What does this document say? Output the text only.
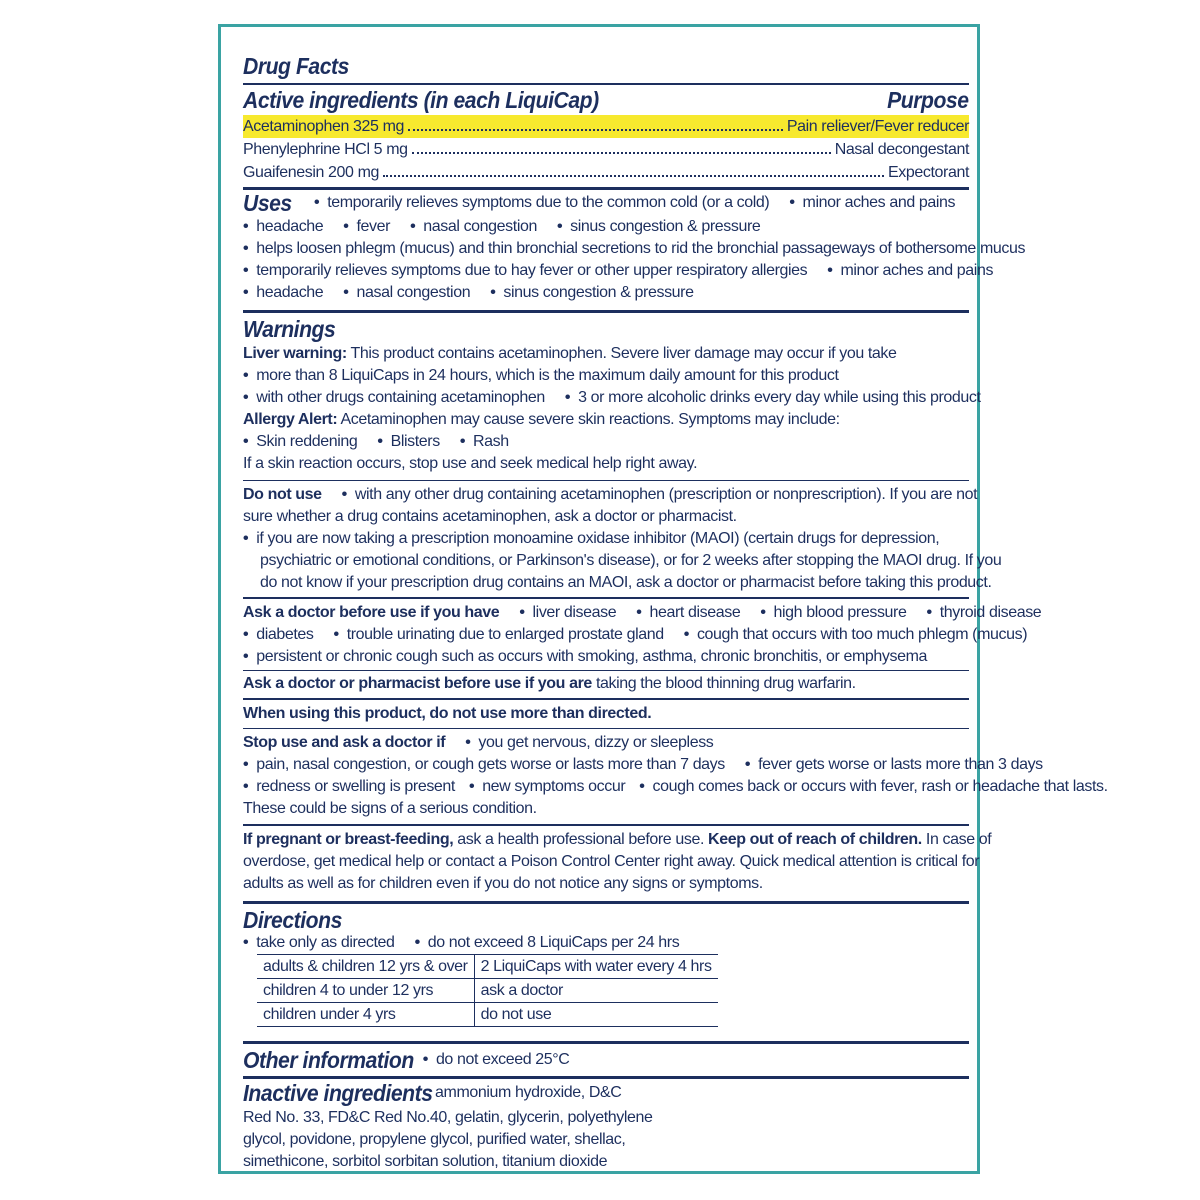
Drug Facts
Active ingredients (in each LiquiCap)	Purpose
Acetaminophen 325 mg	Pain reliever/Fever reducer
Phenylephrine HCl 5 mg	Nasal decongestant
Guaifenesin 200 mg	Expectorant
Uses	• temporarily relieves symptoms due to the common cold (or a cold)	• minor aches and pains
• headache	• fever	• nasal congestion	• sinus congestion & pressure
• helps loosen phlegm (mucus) and thin bronchial secretions to rid the bronchial passageways of bothersome mucus
• temporarily relieves symptoms due to hay fever or other upper respiratory allergies	• minor aches and pains
• headache	• nasal congestion	• sinus congestion & pressure
Warnings
Liver warning: This product contains acetaminophen. Severe liver damage may occur if you take
• more than 8 LiquiCaps in 24 hours, which is the maximum daily amount for this product
• with other drugs containing acetaminophen	• 3 or more alcoholic drinks every day while using this product
Allergy Alert: Acetaminophen may cause severe skin reactions. Symptoms may include:
• Skin reddening	• Blisters	• Rash
If a skin reaction occurs, stop use and seek medical help right away.
Do not use	• with any other drug containing acetaminophen (prescription or nonprescription). If you are not
sure whether a drug contains acetaminophen, ask a doctor or pharmacist.
• if you are now taking a prescription monoamine oxidase inhibitor (MAOI) (certain drugs for depression,
psychiatric or emotional conditions, or Parkinson's disease), or for 2 weeks after stopping the MAOI drug. If you
do not know if your prescription drug contains an MAOI, ask a doctor or pharmacist before taking this product.
Ask a doctor before use if you have	• liver disease	• heart disease	• high blood pressure	• thyroid disease
• diabetes	• trouble urinating due to enlarged prostate gland	• cough that occurs with too much phlegm (mucus)
• persistent or chronic cough such as occurs with smoking, asthma, chronic bronchitis, or emphysema
Ask a doctor or pharmacist before use if you are taking the blood thinning drug warfarin.
When using this product, do not use more than directed.
Stop use and ask a doctor if	• you get nervous, dizzy or sleepless
• pain, nasal congestion, or cough gets worse or lasts more than 7 days	• fever gets worse or lasts more than 3 days
• redness or swelling is present	• new symptoms occur	• cough comes back or occurs with fever, rash or headache that lasts.
These could be signs of a serious condition.
If pregnant or breast-feeding, ask a health professional before use. Keep out of reach of children. In case of
overdose, get medical help or contact a Poison Control Center right away. Quick medical attention is critical for
adults as well as for children even if you do not notice any signs or symptoms.
Directions
• take only as directed	• do not exceed 8 LiquiCaps per 24 hrs
adults & children 12 yrs & over	2 LiquiCaps with water every 4 hrs
children 4 to under 12 yrs	ask a doctor
children under 4 yrs	do not use
Other information	• do not exceed 25°C
Inactive ingredients ammonium hydroxide, D&C
Red No. 33, FD&C Red No.40, gelatin, glycerin, polyethylene
glycol, povidone, propylene glycol, purified water, shellac,
simethicone, sorbitol sorbitan solution, titanium dioxide
